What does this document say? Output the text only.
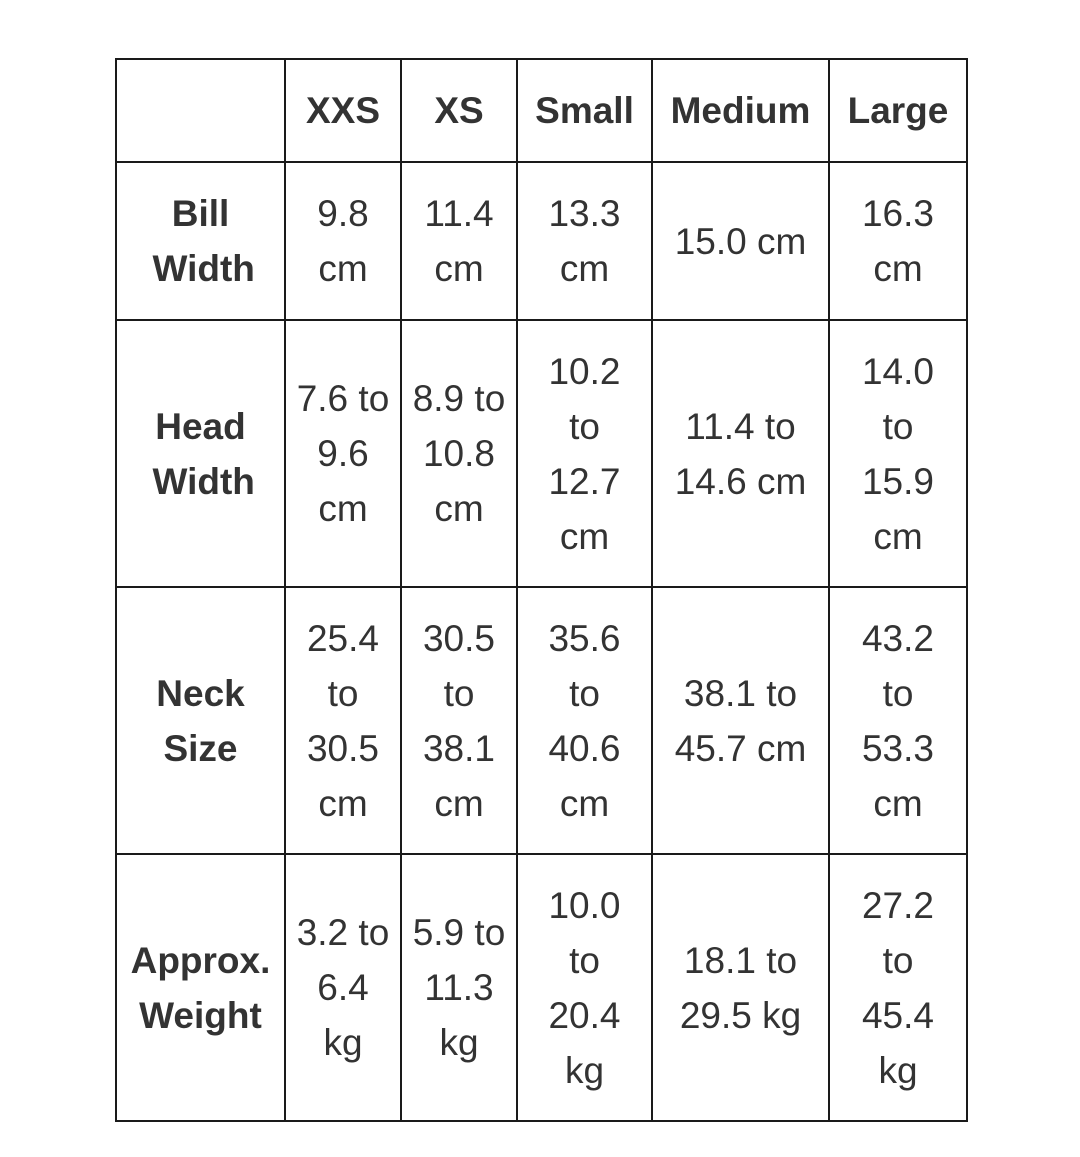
	XXS	XS	Small	Medium	Large
Bill Width	9.8 cm	11.4 cm	13.3 cm	15.0 cm	16.3 cm
Head Width	7.6 to 9.6 cm	8.9 to 10.8 cm	10.2 to 12.7 cm	11.4 to 14.6 cm	14.0 to 15.9 cm
Neck Size	25.4 to 30.5 cm	30.5 to 38.1 cm	35.6 to 40.6 cm	38.1 to 45.7 cm	43.2 to 53.3 cm
Approx. Weight	3.2 to 6.4 kg	5.9 to 11.3 kg	10.0 to 20.4 kg	18.1 to 29.5 kg	27.2 to 45.4 kg
